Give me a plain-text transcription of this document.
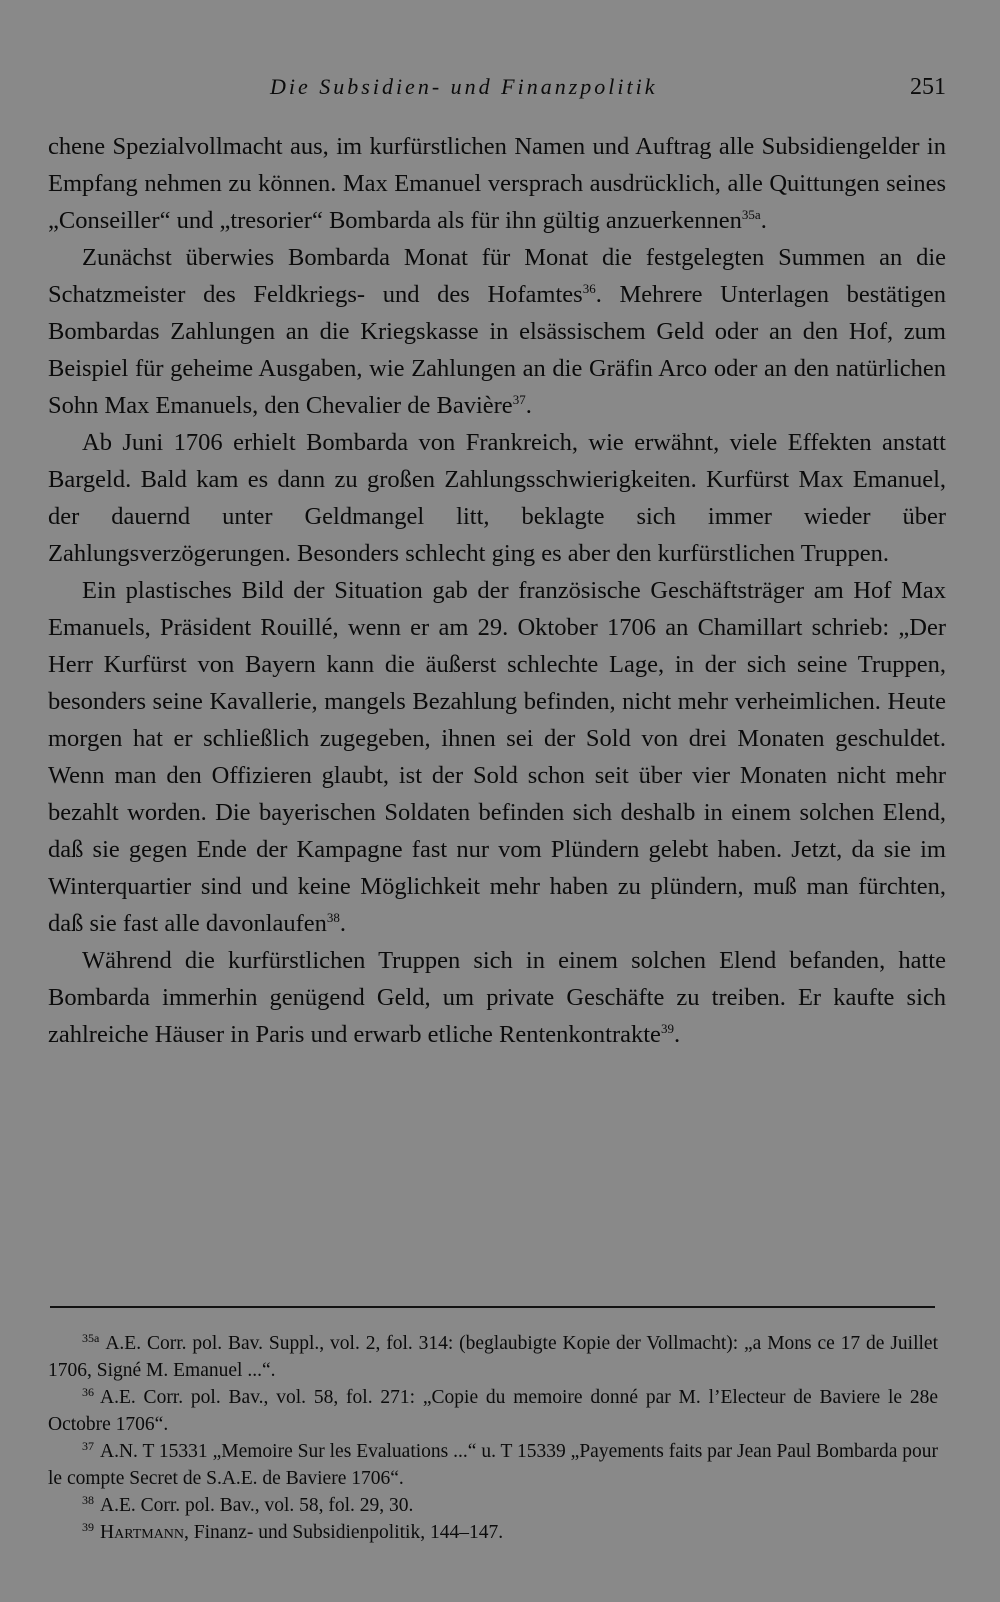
Die Subsidien- und Finanzpolitik	251

chene Spezialvollmacht aus, im kurfürstlichen Namen und Auftrag alle Subsidiengelder in Empfang nehmen zu können. Max Emanuel versprach ausdrücklich, alle Quittungen seines „Conseiller“ und „tresorier“ Bombarda als für ihn gültig anzuerkennen$^{35a}$.

Zunächst überwies Bombarda Monat für Monat die festgelegten Summen an die Schatzmeister des Feldkriegs- und des Hofamtes$^{36}$. Mehrere Unterlagen bestätigen Bombardas Zahlungen an die Kriegskasse in elsässischem Geld oder an den Hof, zum Beispiel für geheime Ausgaben, wie Zahlungen an die Gräfin Arco oder an den natürlichen Sohn Max Emanuels, den Chevalier de Bavière$^{37}$.

Ab Juni 1706 erhielt Bombarda von Frankreich, wie erwähnt, viele Effekten anstatt Bargeld. Bald kam es dann zu großen Zahlungsschwierigkeiten. Kurfürst Max Emanuel, der dauernd unter Geldmangel litt, beklagte sich immer wieder über Zahlungsverzögerungen. Besonders schlecht ging es aber den kurfürstlichen Truppen.

Ein plastisches Bild der Situation gab der französische Geschäftsträger am Hof Max Emanuels, Präsident Rouillé, wenn er am 29. Oktober 1706 an Chamillart schrieb: „Der Herr Kurfürst von Bayern kann die äußerst schlechte Lage, in der sich seine Truppen, besonders seine Kavallerie, mangels Bezahlung befinden, nicht mehr verheimlichen. Heute morgen hat er schließlich zugegeben, ihnen sei der Sold von drei Monaten geschuldet. Wenn man den Offizieren glaubt, ist der Sold schon seit über vier Monaten nicht mehr bezahlt worden. Die bayerischen Soldaten befinden sich deshalb in einem solchen Elend, daß sie gegen Ende der Kampagne fast nur vom Plündern gelebt haben. Jetzt, da sie im Winterquartier sind und keine Möglichkeit mehr haben zu plündern, muß man fürchten, daß sie fast alle davonlaufen$^{38}$.

Während die kurfürstlichen Truppen sich in einem solchen Elend befanden, hatte Bombarda immerhin genügend Geld, um private Geschäfte zu treiben. Er kaufte sich zahlreiche Häuser in Paris und erwarb etliche Rentenkontrakte$^{39}$.

$^{35a}$ A.E. Corr. pol. Bav. Suppl., vol. 2, fol. 314: (beglaubigte Kopie der Vollmacht): „a Mons ce 17 de Juillet 1706, Signé M. Emanuel ...“.

$^{36}$ A.E. Corr. pol. Bav., vol. 58, fol. 271: „Copie du memoire donné par M. l’Electeur de Baviere le 28e Octobre 1706“.

$^{37}$ A.N. T 15331 „Memoire Sur les Evaluations ...“ u. T 15339 „Payements faits par Jean Paul Bombarda pour le compte Secret de S.A.E. de Baviere 1706“.

$^{38}$ A.E. Corr. pol. Bav., vol. 58, fol. 29, 30.

$^{39}$ Hartmann, Finanz- und Subsidienpolitik, 144–147.
